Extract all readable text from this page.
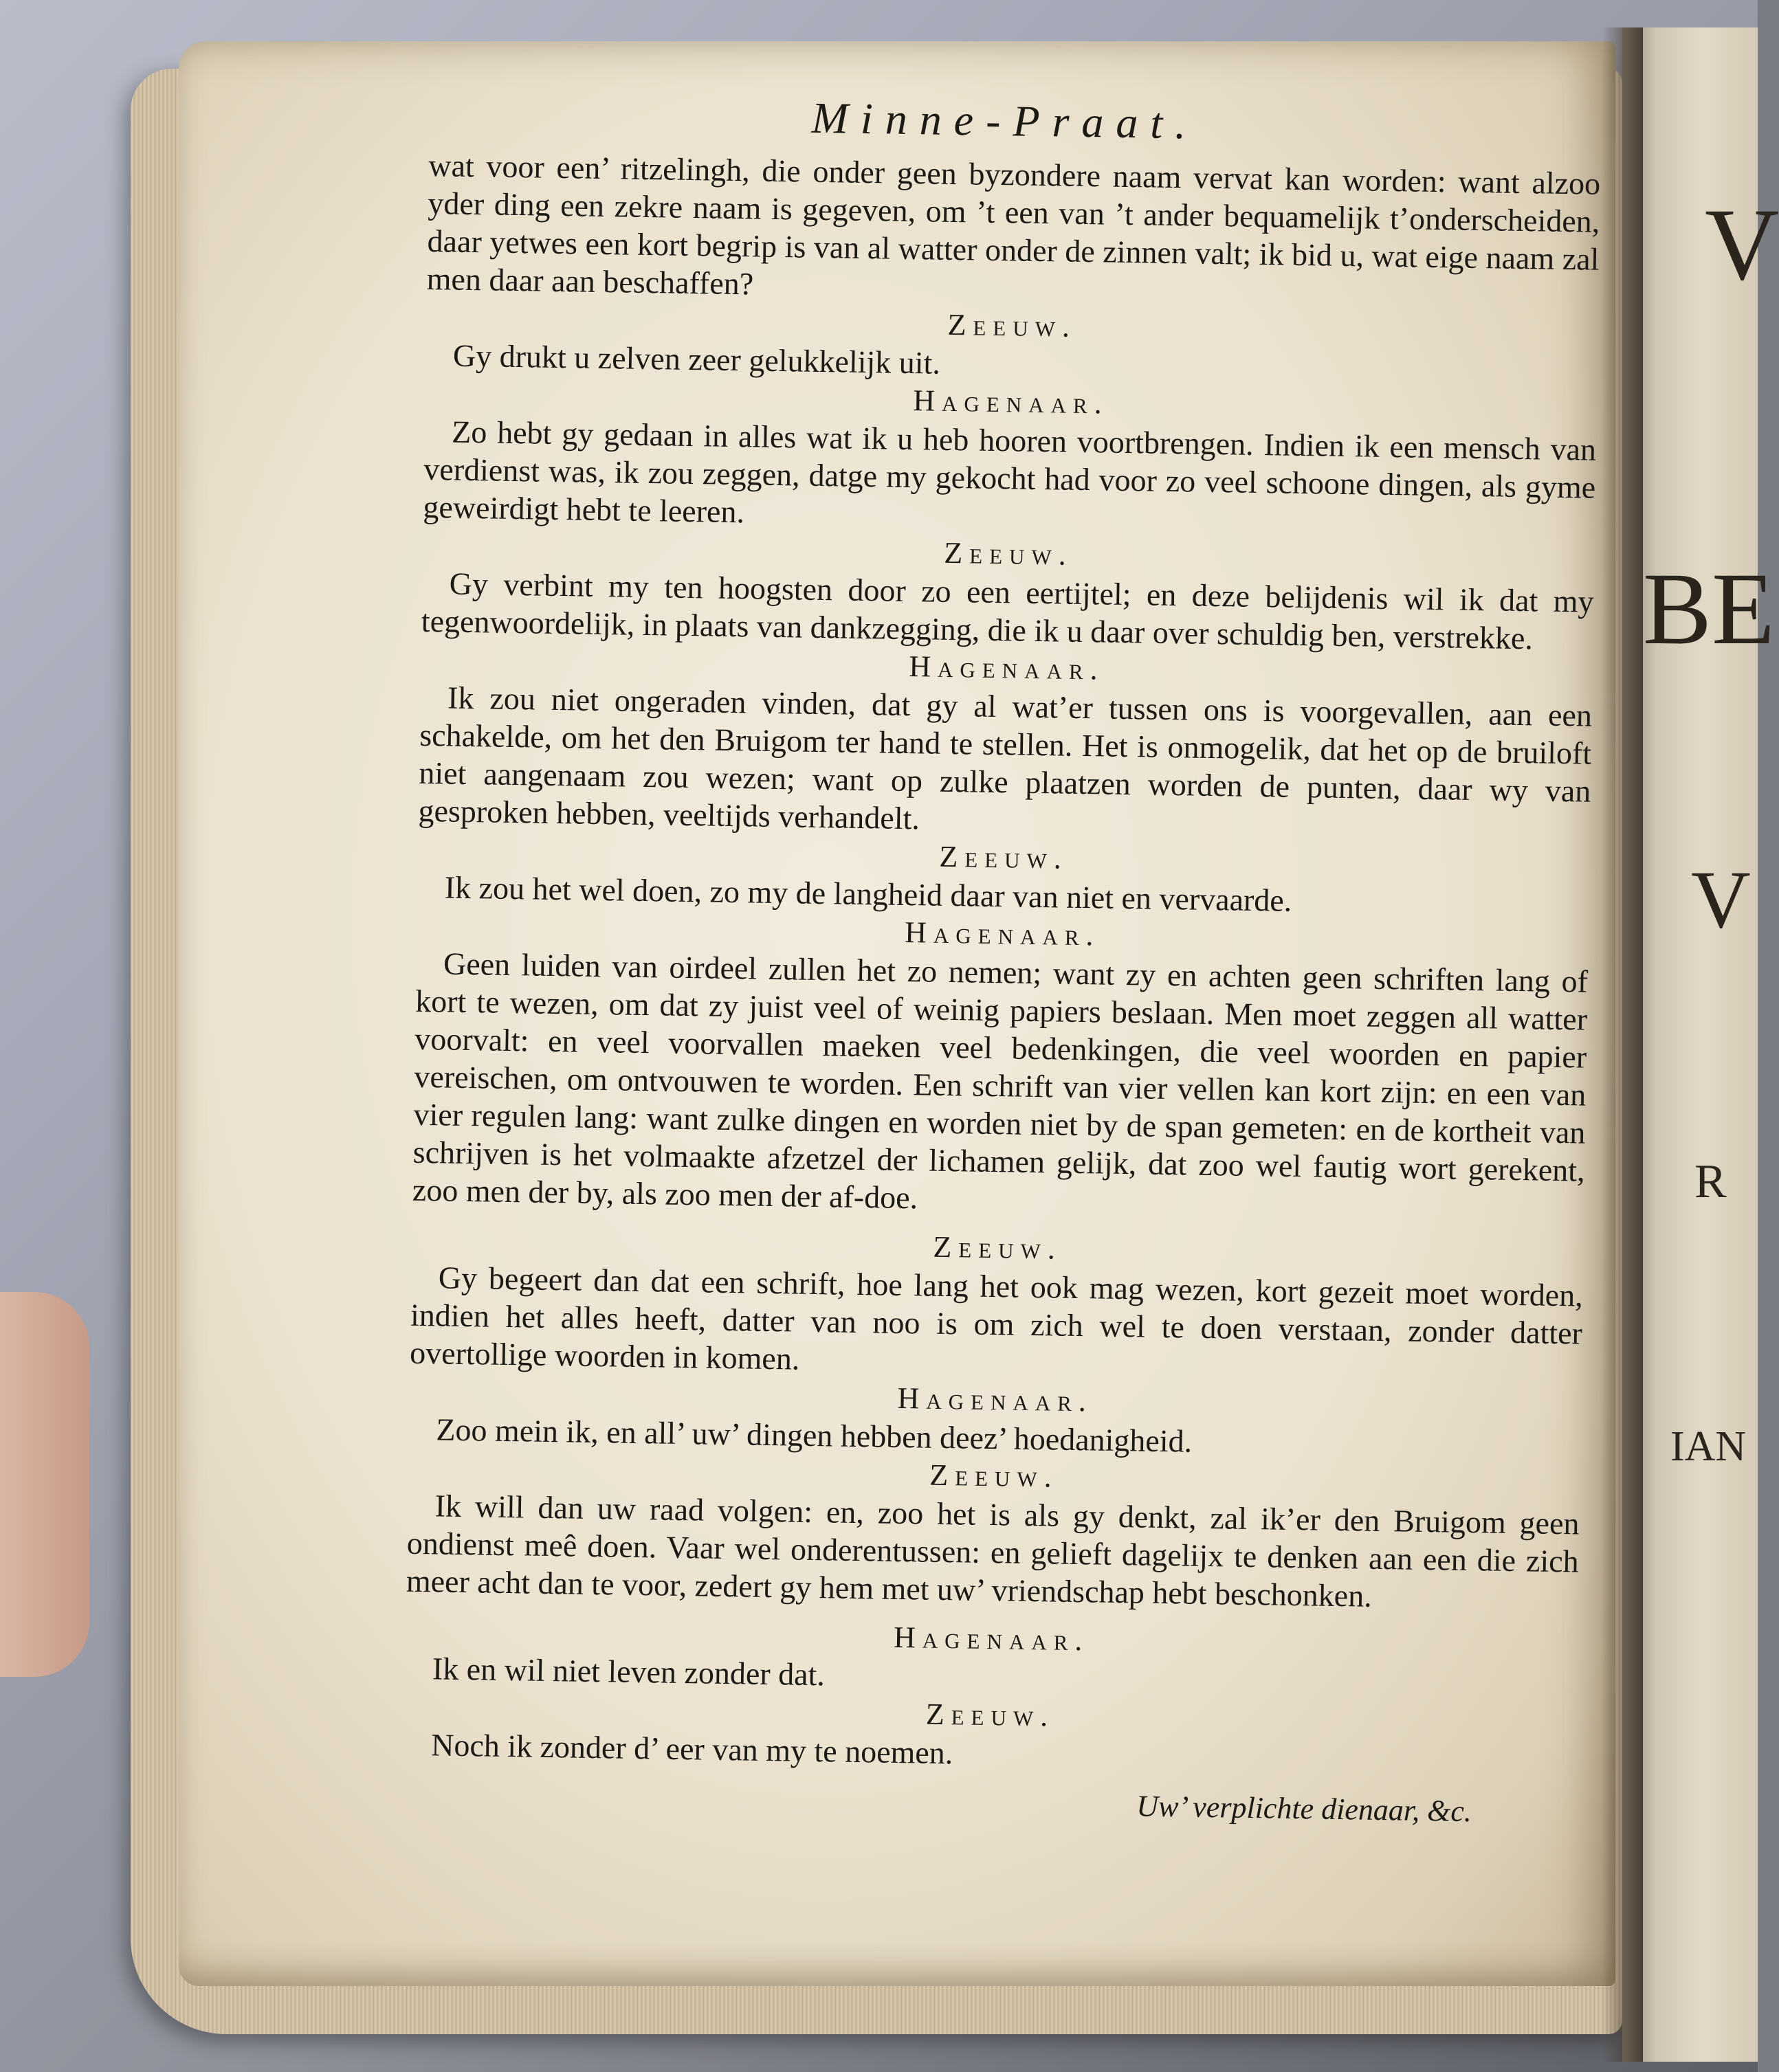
V
BE
V
R
IAN
Minne-Praat.

wat voor een’ ritzelingh, die onder geen byzondere naam vervat kan worden: want alzoo yder ding een zekre naam is gegeven, om ’t een van ’t ander bequamelijk t’onderscheiden, daar yetwes een kort begrip is van al watter onder de zinnen valt; ik bid u, wat eige naam zal men daar aan beschaffen?

Zeeuw.

Gy drukt u zelven zeer gelukkelijk uit.

Hagenaar.

Zo hebt gy gedaan in alles wat ik u heb hooren voortbrengen. Indien ik een mensch van verdienst was, ik zou zeggen, datge my gekocht had voor zo veel schoone dingen, als gyme geweirdigt hebt te leeren.

Zeeuw.

Gy verbint my ten hoogsten door zo een eertijtel; en deze belijdenis wil ik dat my tegenwoordelijk, in plaats van dankzegging, die ik u daar over schuldig ben, verstrekke.

Hagenaar.

Ik zou niet ongeraden vinden, dat gy al wat’er tussen ons is voorgevallen, aan een schakelde, om het den Bruigom ter hand te stellen. Het is onmogelik, dat het op de bruiloft niet aangenaam zou wezen; want op zulke plaatzen worden de punten, daar wy van gesproken hebben, veeltijds verhandelt.

Zeeuw.

Ik zou het wel doen, zo my de langheid daar van niet en vervaarde.

Hagenaar.

Geen luiden van oirdeel zullen het zo nemen; want zy en achten geen schriften lang of kort te wezen, om dat zy juist veel of weinig papiers beslaan. Men moet zeggen all watter voorvalt: en veel voorvallen maeken veel bedenkingen, die veel woorden en papier vereischen, om ontvouwen te worden. Een schrift van vier vellen kan kort zijn: en een van vier regulen lang: want zulke dingen en worden niet by de span gemeten: en de kortheit van schrijven is het volmaakte afzetzel der lichamen gelijk, dat zoo wel fautig wort gerekent, zoo men der by, als zoo men der af-doe.

Zeeuw.

Gy begeert dan dat een schrift, hoe lang het ook mag wezen, kort gezeit moet worden, indien het alles heeft, datter van noo is om zich wel te doen verstaan, zonder datter overtollige woorden in komen.

Hagenaar.

Zoo mein ik, en all’ uw’ dingen hebben deez’ hoedanigheid.

Zeeuw.

Ik will dan uw raad volgen: en, zoo het is als gy denkt, zal ik’er den Bruigom geen ondienst meê doen. Vaar wel onderentussen: en gelieft dagelijx te denken aan een die zich meer acht dan te voor, zedert gy hem met uw’ vriendschap hebt beschonken.

Hagenaar.

Ik en wil niet leven zonder dat.

Zeeuw.

Noch ik zonder d’ eer van my te noemen.

Uw’ verplichte dienaar, &c.
